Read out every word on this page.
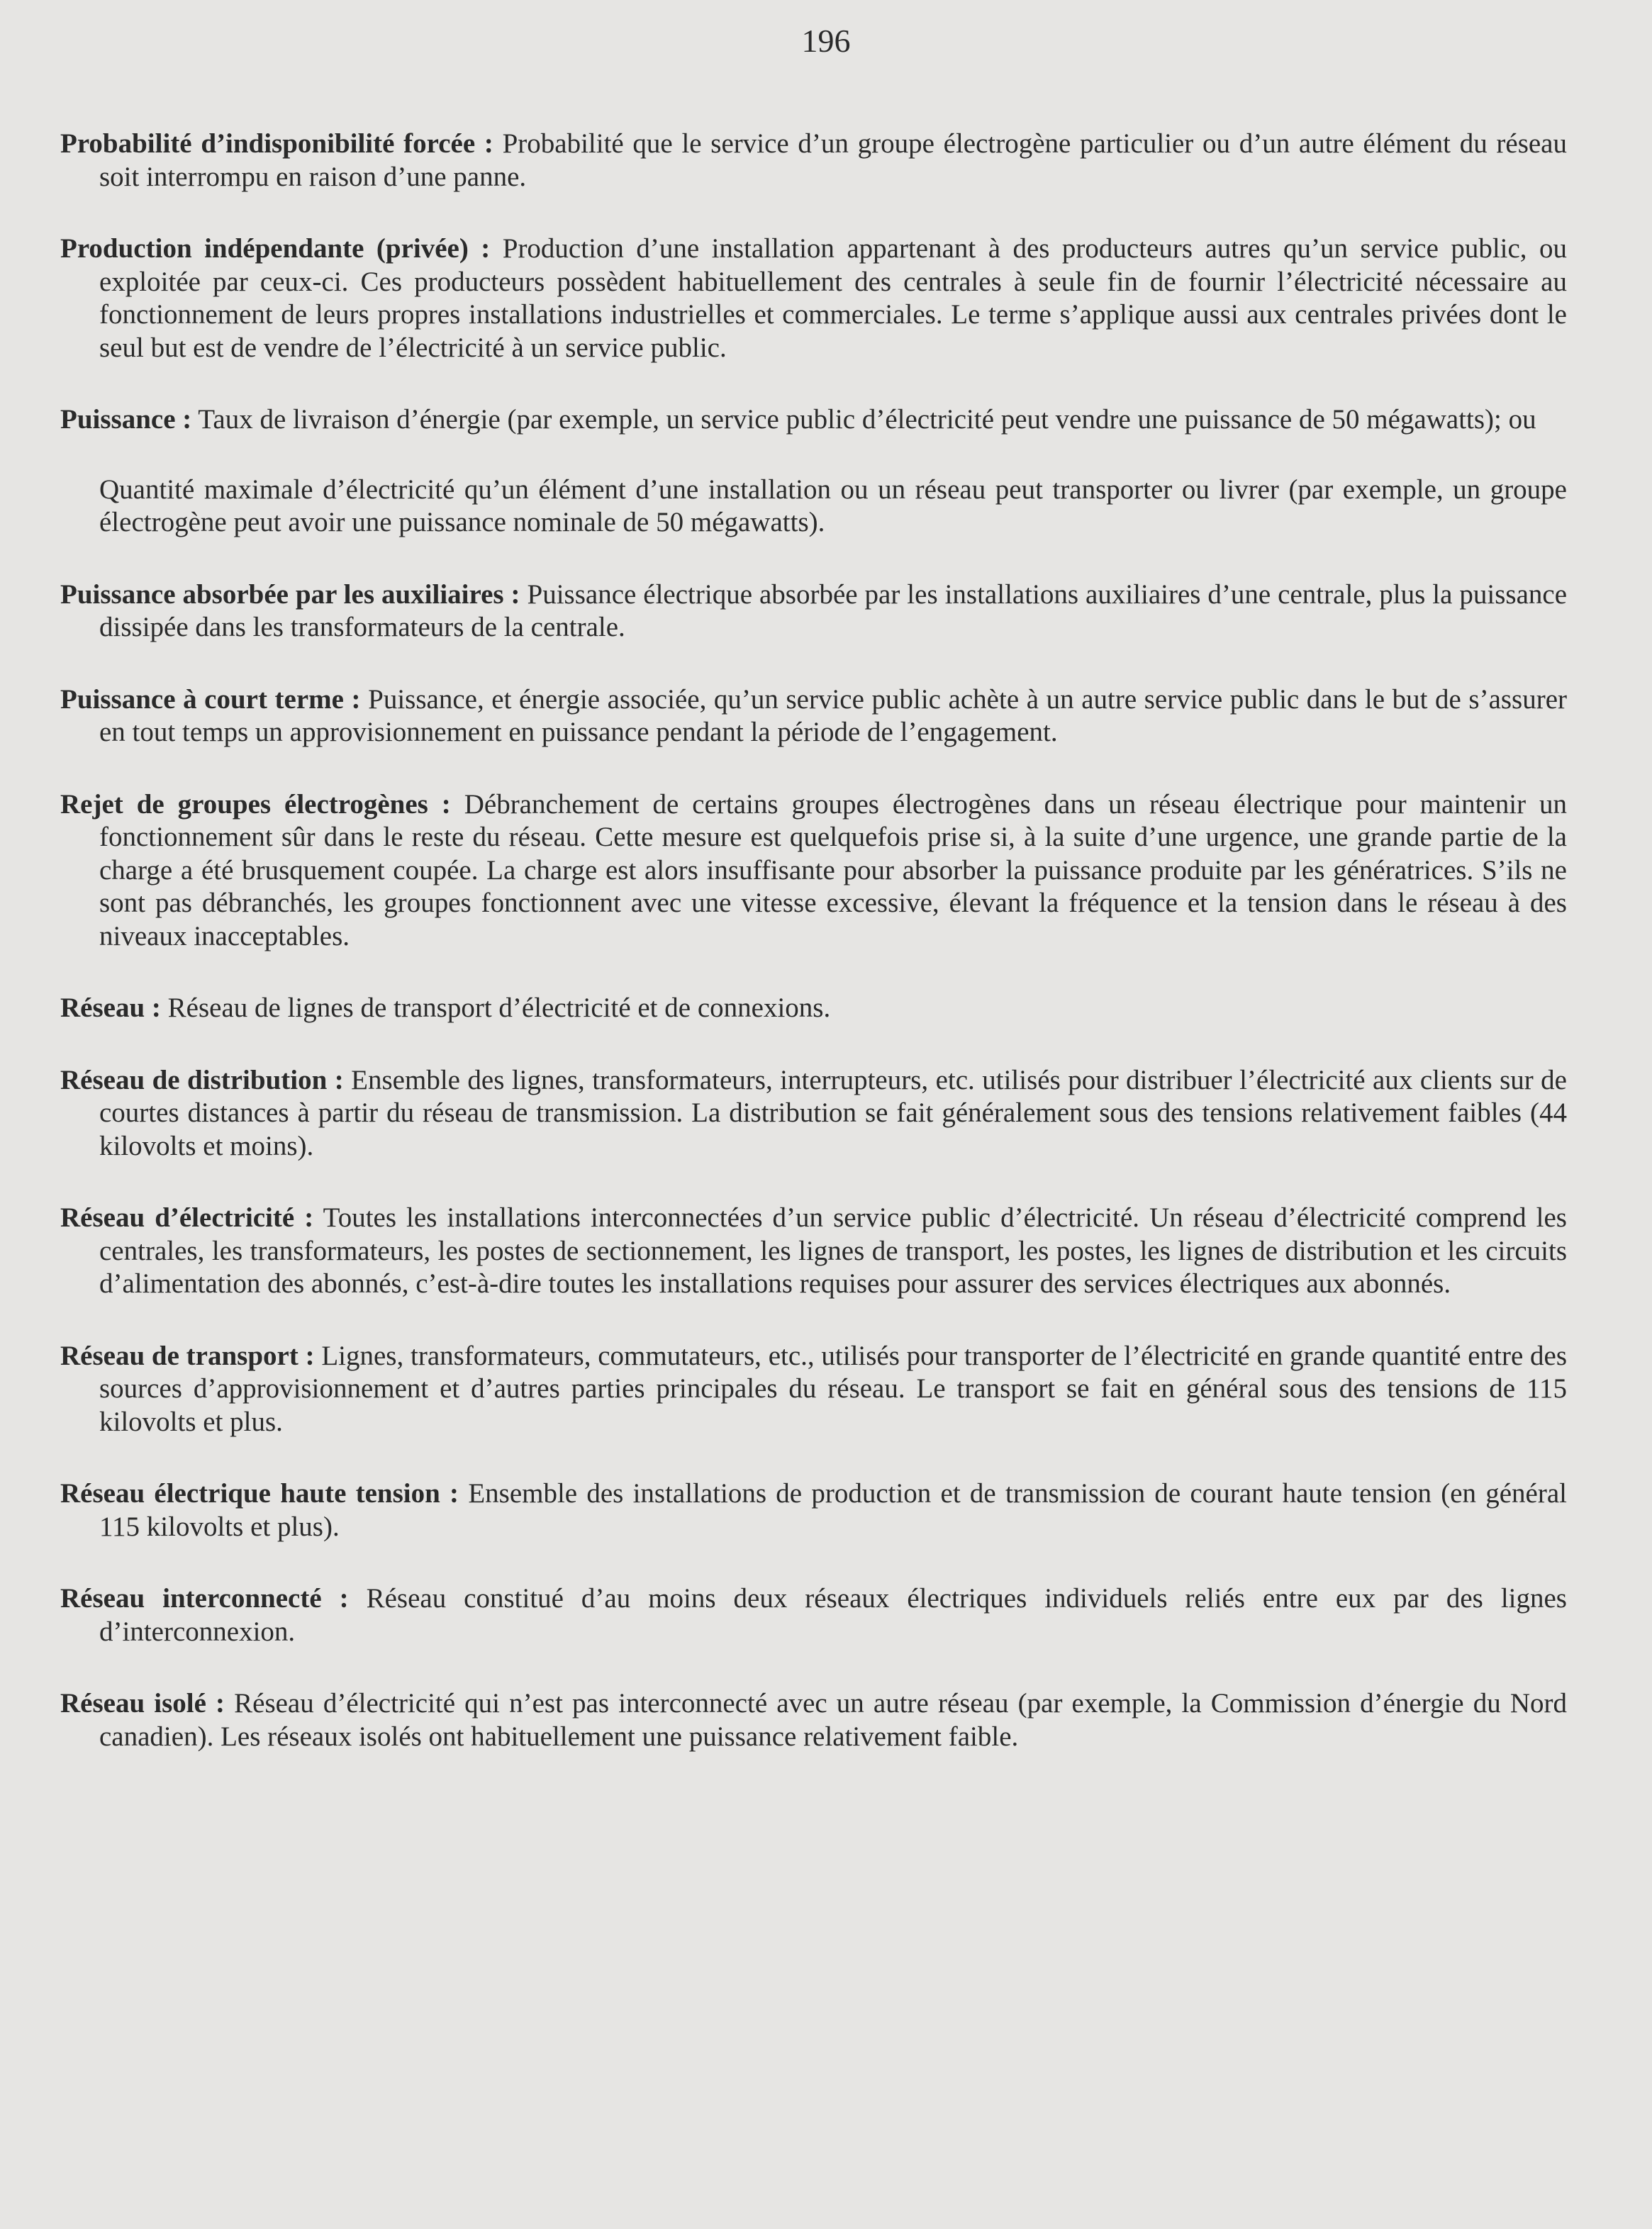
196

Probabilité d’indisponibilité forcée : Probabilité que le service d’un groupe électrogène particulier ou d’un autre élément du réseau soit interrompu en raison d’une panne.

Production indépendante (privée) : Production d’une installation appartenant à des producteurs autres qu’un service public, ou exploitée par ceux-ci. Ces producteurs possèdent habituellement des centrales à seule fin de fournir l’électricité nécessaire au fonctionnement de leurs propres installations industrielles et commerciales. Le terme s’applique aussi aux centrales privées dont le seul but est de vendre de l’électricité à un service public.

Puissance : Taux de livraison d’énergie (par exemple, un service public d’électricité peut vendre une puissance de 50 mégawatts); ou
Quantité maximale d’électricité qu’un élément d’une installation ou un réseau peut transporter ou livrer (par exemple, un groupe électrogène peut avoir une puissance nominale de 50 mégawatts).

Puissance absorbée par les auxiliaires : Puissance électrique absorbée par les installations auxiliaires d’une centrale, plus la puissance dissipée dans les transformateurs de la centrale.

Puissance à court terme : Puissance, et énergie associée, qu’un service public achète à un autre service public dans le but de s’assurer en tout temps un approvisionnement en puissance pendant la période de l’engagement.

Rejet de groupes électrogènes : Débranchement de certains groupes électrogènes dans un réseau électrique pour maintenir un fonctionnement sûr dans le reste du réseau. Cette mesure est quelquefois prise si, à la suite d’une urgence, une grande partie de la charge a été brusquement coupée. La charge est alors insuffisante pour absorber la puissance produite par les génératrices. S’ils ne sont pas débranchés, les groupes fonctionnent avec une vitesse excessive, élevant la fréquence et la tension dans le réseau à des niveaux inacceptables.

Réseau : Réseau de lignes de transport d’électricité et de connexions.

Réseau de distribution : Ensemble des lignes, transformateurs, interrupteurs, etc. utilisés pour distribuer l’électricité aux clients sur de courtes distances à partir du réseau de transmission. La distribution se fait généralement sous des tensions relativement faibles (44 kilovolts et moins).

Réseau d’électricité : Toutes les installations interconnectées d’un service public d’électricité. Un réseau d’électricité comprend les centrales, les transformateurs, les postes de sectionnement, les lignes de transport, les postes, les lignes de distribution et les circuits d’alimentation des abonnés, c’est-à-dire toutes les installations requises pour assurer des services électriques aux abonnés.

Réseau de transport : Lignes, transformateurs, commutateurs, etc., utilisés pour transporter de l’électricité en grande quantité entre des sources d’approvisionnement et d’autres parties principales du réseau. Le transport se fait en général sous des tensions de 115 kilovolts et plus.

Réseau électrique haute tension : Ensemble des installations de production et de transmission de courant haute tension (en général 115 kilovolts et plus).

Réseau interconnecté : Réseau constitué d’au moins deux réseaux électriques individuels reliés entre eux par des lignes d’interconnexion.

Réseau isolé : Réseau d’électricité qui n’est pas interconnecté avec un autre réseau (par exemple, la Commission d’énergie du Nord canadien). Les réseaux isolés ont habituellement une puissance relativement faible.
